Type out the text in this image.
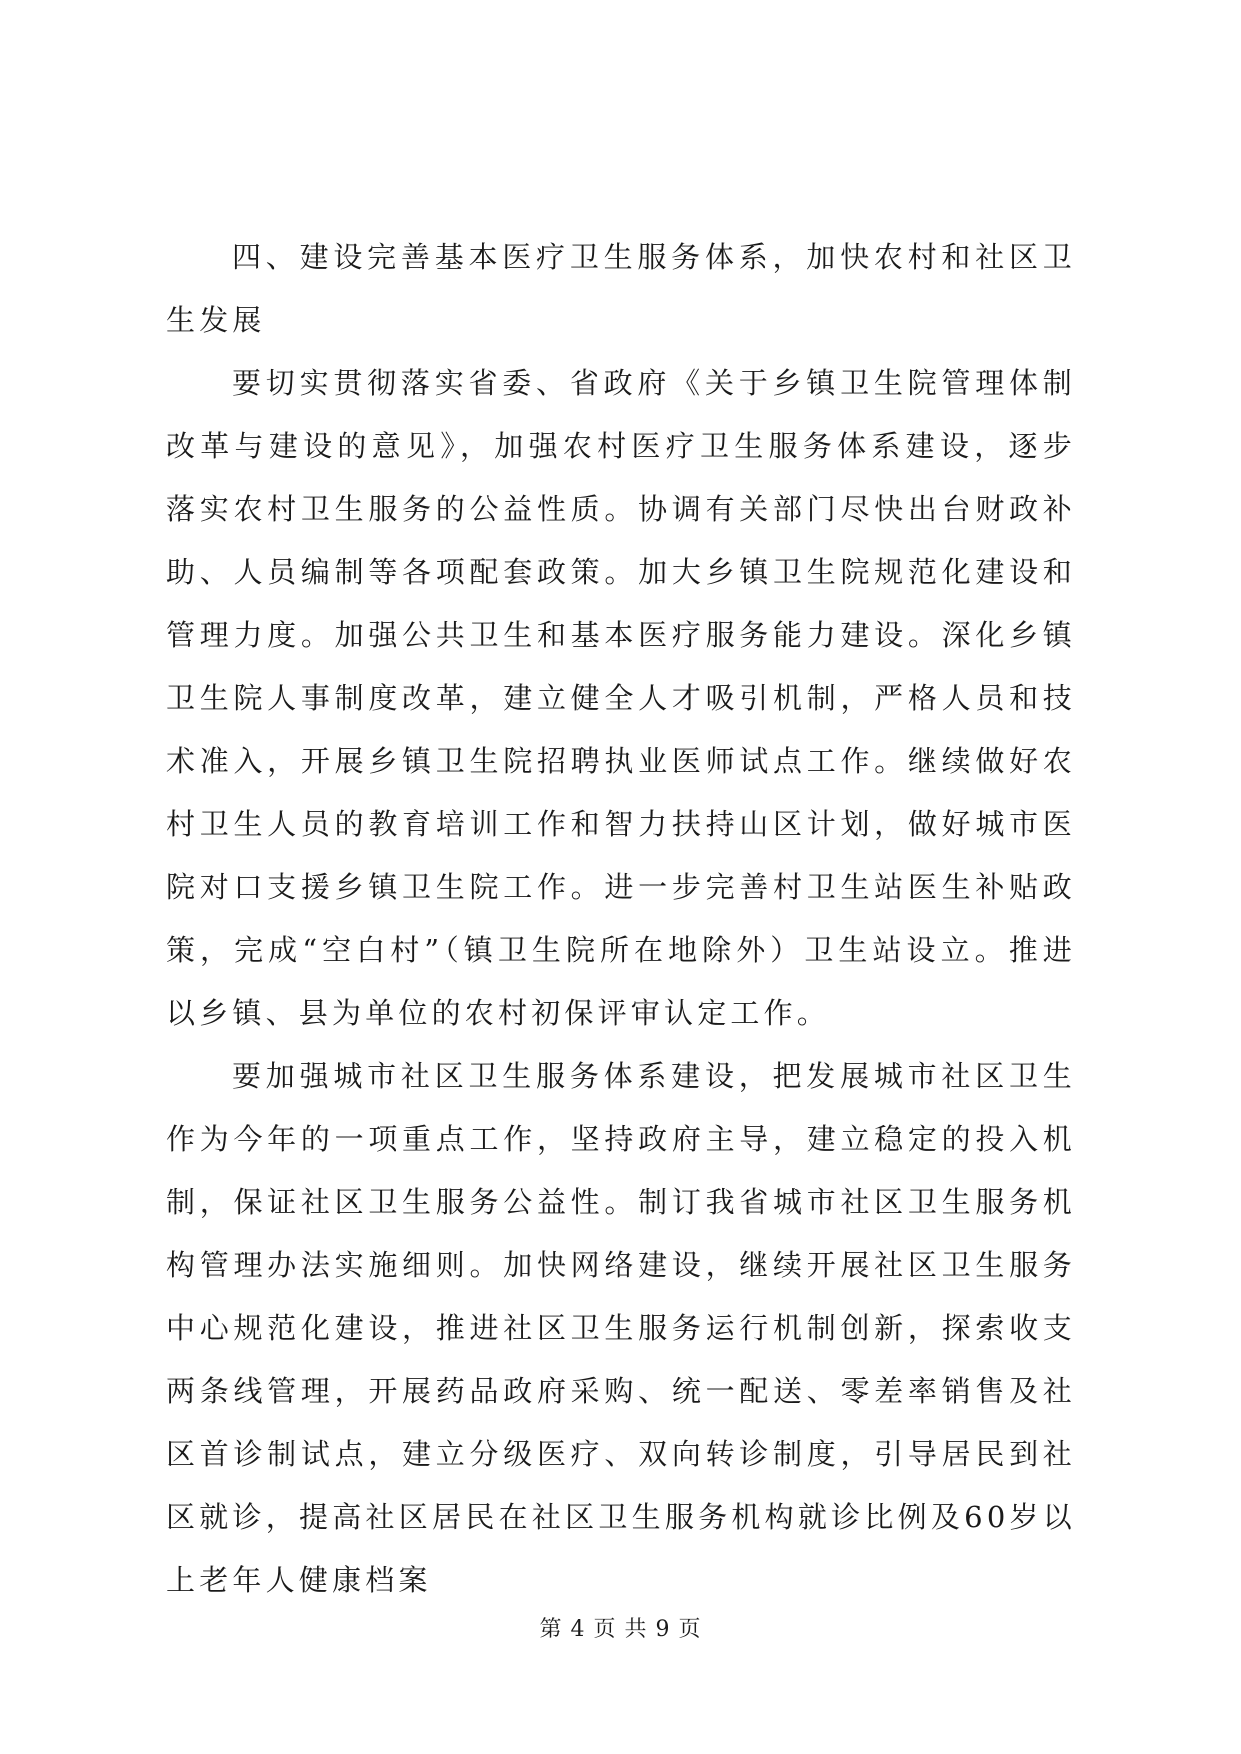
四、建设完善基本医疗卫生服务体系，加快农村和社区卫生发展

要切实贯彻落实省委、省政府《关于乡镇卫生院管理体制改革与建设的意见》，加强农村医疗卫生服务体系建设，逐步落实农村卫生服务的公益性质。协调有关部门尽快出台财政补助、人员编制等各项配套政策。加大乡镇卫生院规范化建设和管理力度。加强公共卫生和基本医疗服务能力建设。深化乡镇卫生院人事制度改革，建立健全人才吸引机制，严格人员和技术准入，开展乡镇卫生院招聘执业医师试点工作。继续做好农村卫生人员的教育培训工作和智力扶持山区计划，做好城市医院对口支援乡镇卫生院工作。进一步完善村卫生站医生补贴政策，完成“空白村”（镇卫生院所在地除外）卫生站设立。推进以乡镇、县为单位的农村初保评审认定工作。

要加强城市社区卫生服务体系建设，把发展城市社区卫生作为今年的一项重点工作，坚持政府主导，建立稳定的投入机制，保证社区卫生服务公益性。制订我省城市社区卫生服务机构管理办法实施细则。加快网络建设，继续开展社区卫生服务中心规范化建设，推进社区卫生服务运行机制创新，探索收支两条线管理，开展药品政府采购、统一配送、零差率销售及社区首诊制试点，建立分级医疗、双向转诊制度，引导居民到社区就诊，提高社区居民在社区卫生服务机构就诊比例及60岁以上老年人健康档案

第 4 页 共 9 页
